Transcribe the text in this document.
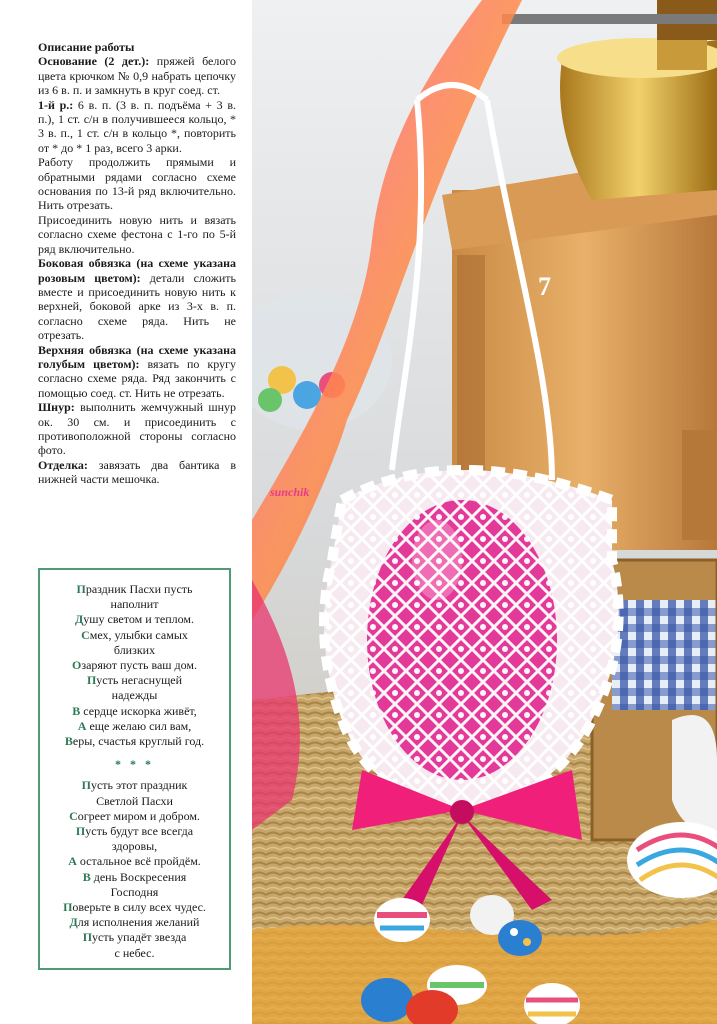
Описание работы

Основание (2 дет.): пряжей белого цвета крючком № 0,9 набрать цепочку из 6 в. п. и замкнуть в круг соед. ст.

1-й р.: 6 в. п. (3 в. п. подъёма + 3 в. п.), 1 ст. с/н в получившееся кольцо, * 3 в. п., 1 ст. с/н в кольцо *, повторить от * до * 1 раз, всего 3 арки.

Работу продолжить прямыми и обратными рядами согласно схеме основания по 13-й ряд включительно. Нить отрезать.

Присоединить новую нить и вязать согласно схеме фестона с 1-го по 5-й ряд включительно.

Боковая обвязка (на схеме указана розовым цветом): детали сложить вместе и присоединить новую нить к верхней, боковой арке из 3-х в. п. согласно схеме ряда. Нить не отрезать.

Верхняя обвязка (на схеме указана голубым цветом): вязать по кругу согласно схеме ряда. Ряд закончить с помощью соед. ст. Нить не отрезать.

Шнур: выполнить жемчужный шнур ок. 30 см. и присоединить с противоположной стороны согласно фото.

Отделка: завязать два бантика в нижней части мешочка.

Праздник Пасхи пусть
наполнит
Душу светом и теплом.
Смех, улыбки самых
близких
Озаряют пусть ваш дом.
Пусть негаснущей
надежды
В сердце искорка живёт,
А еще желаю сил вам,
Веры, счастья круглый год.
* * *
Пусть этот праздник
Светлой Пасхи
Согреет миром и добром.
Пусть будут все всегда
здоровы,
А остальное всё пройдём.
В день Воскресения
Господня
Поверьте в силу всех чудес.
Для исполнения желаний
Пусть упадёт звезда
с небес.
7
sunchik
